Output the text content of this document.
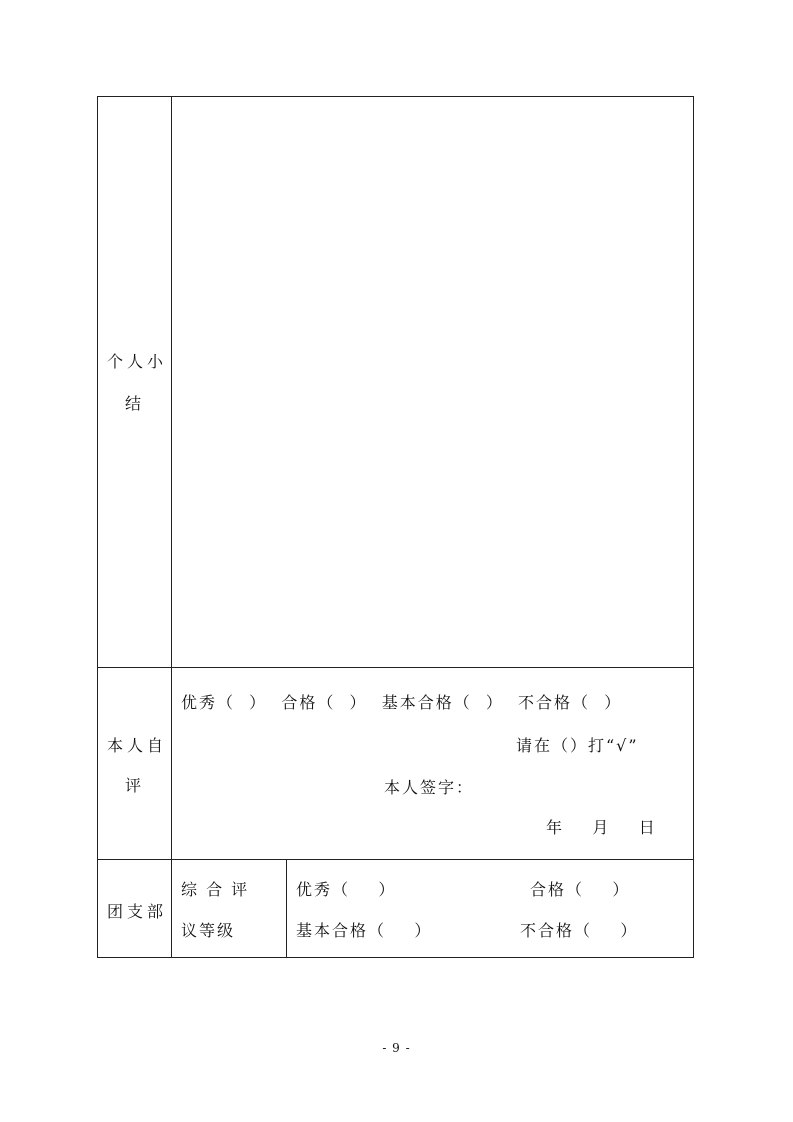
个人小
结
本人自
评
优秀（  ）  合格（  ）  基本合格（  ）  不合格（  ）
请在（）打“√”
本人签字：
年    月    日
团支部
综 合 评
议等级
优秀（    ）	合格（    ）
基本合格（    ）	不合格（    ）
- 9 -
